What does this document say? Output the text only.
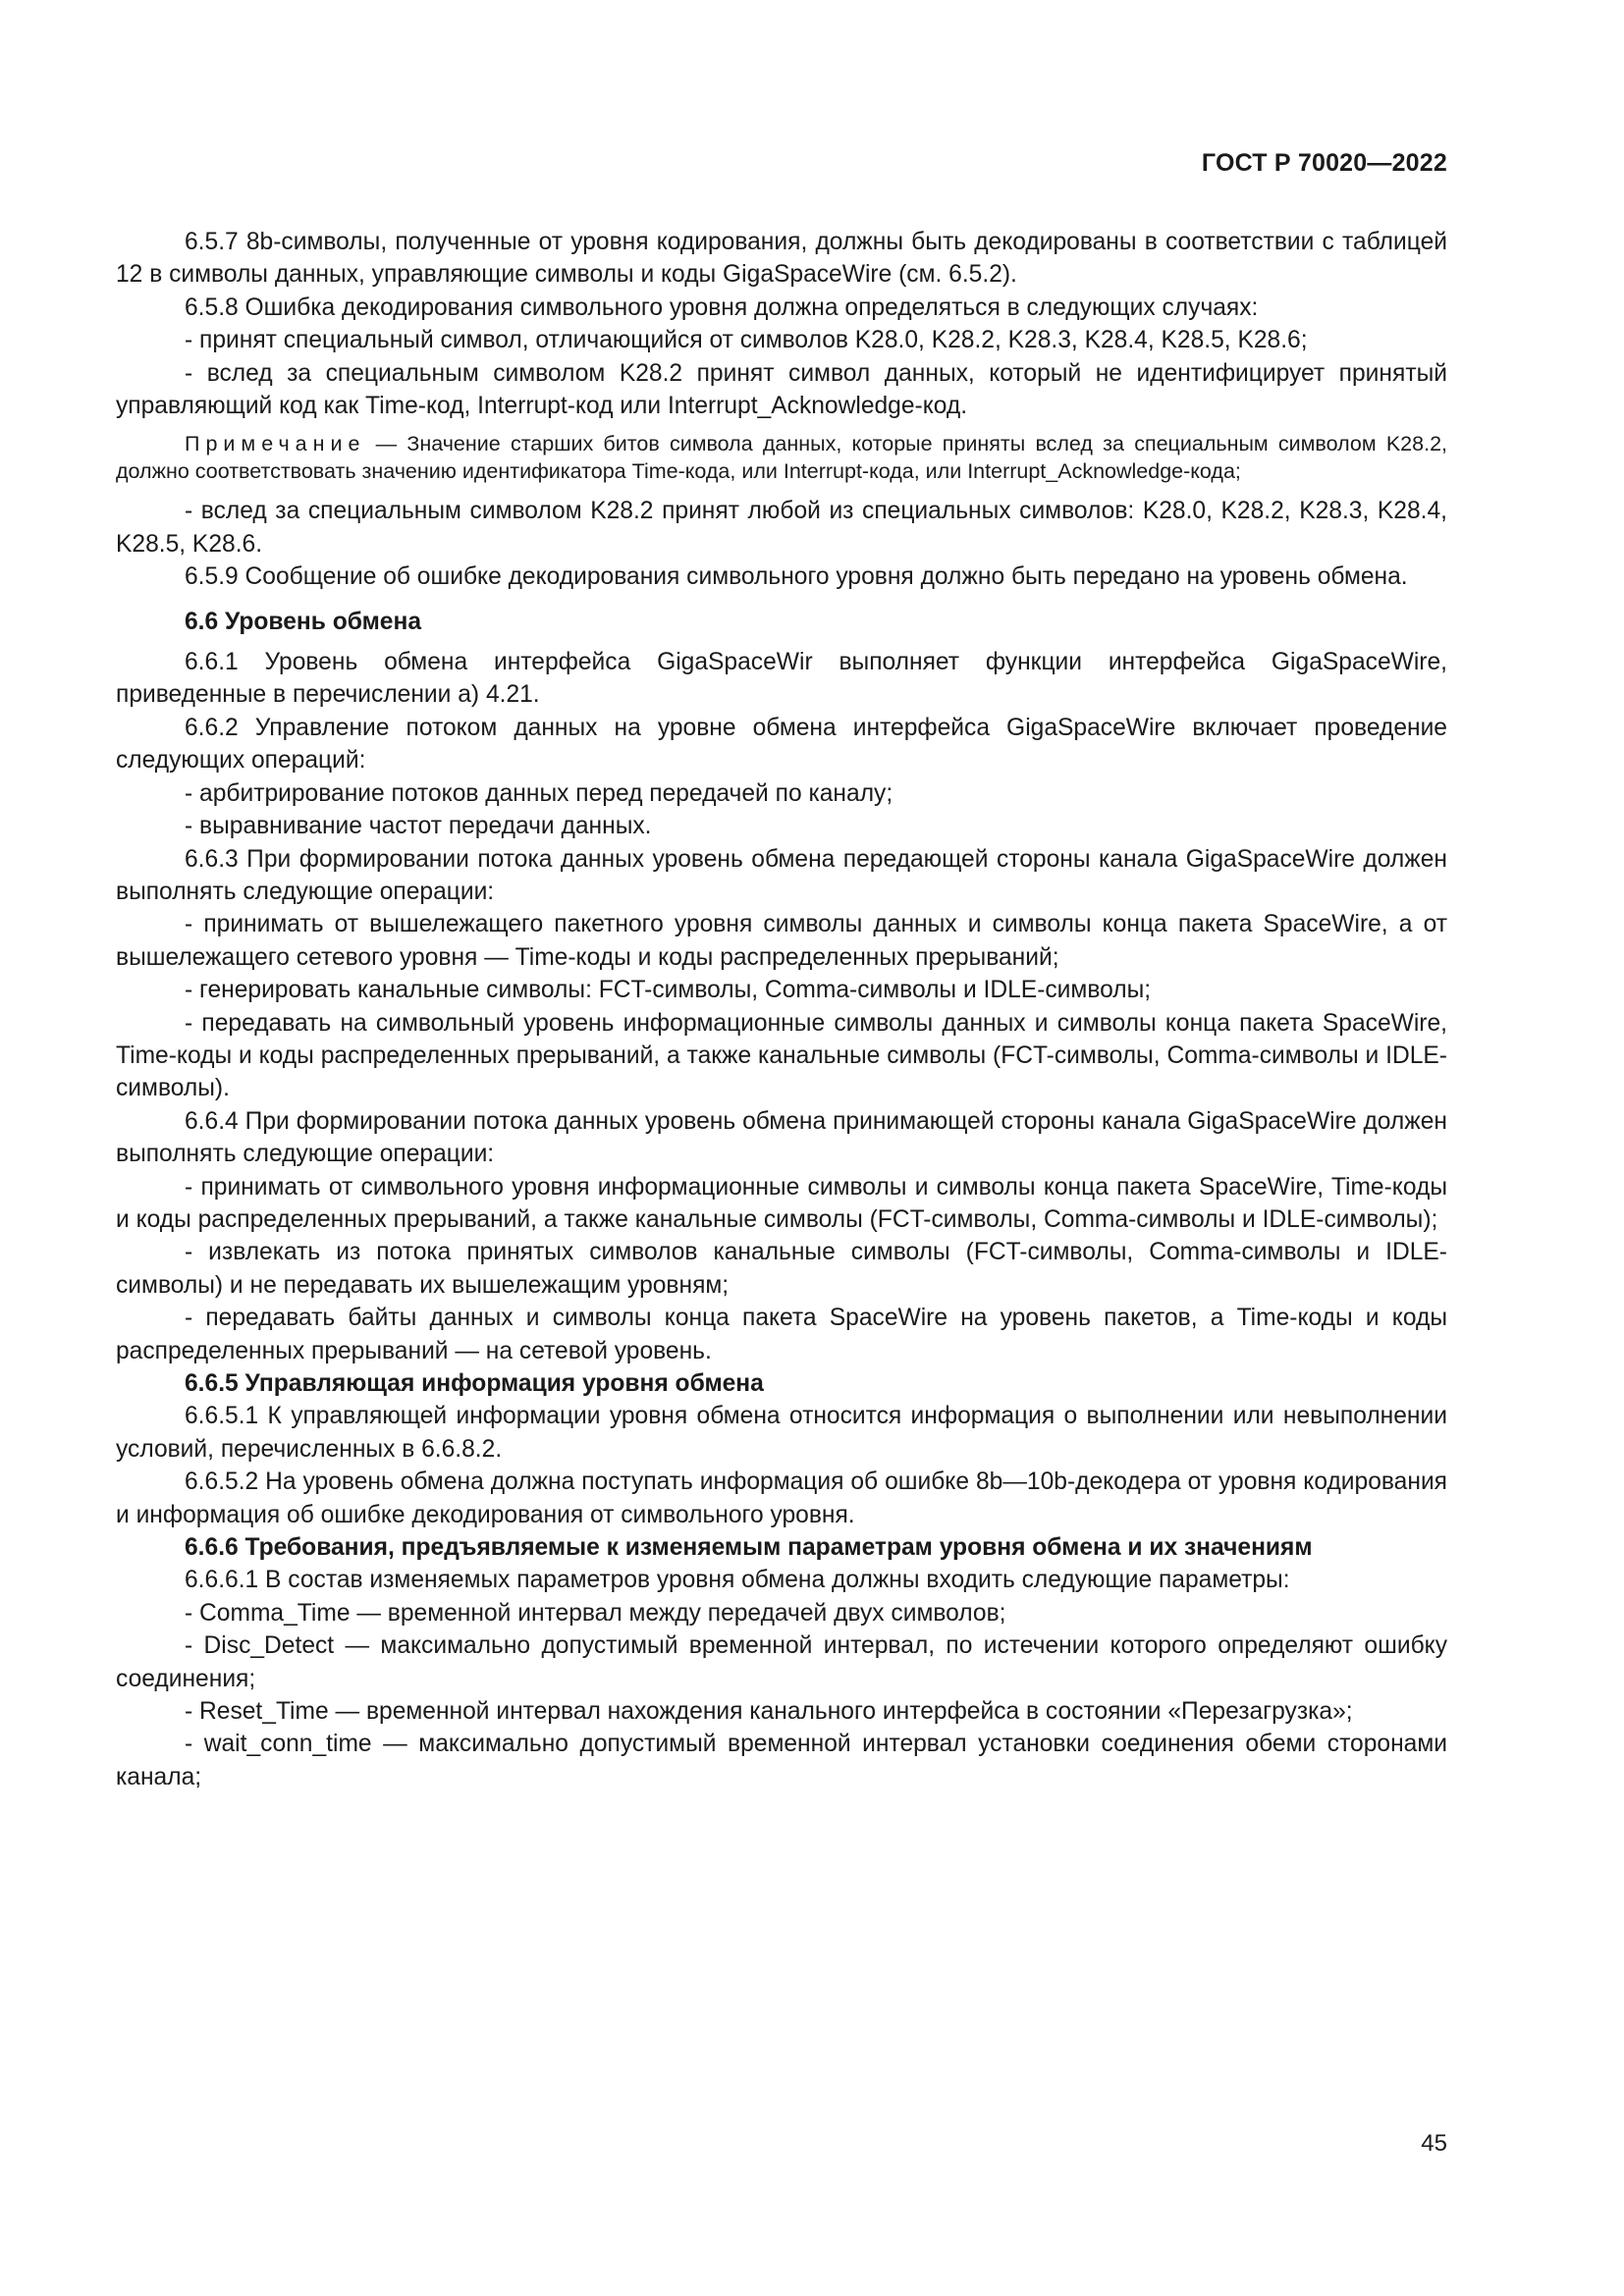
ГОСТ Р 70020—2022

6.5.7 8b-символы, полученные от уровня кодирования, должны быть декодированы в соответствии с таблицей 12 в символы данных, управляющие символы и коды GigaSpaceWire (см. 6.5.2).

6.5.8 Ошибка декодирования символьного уровня должна определяться в следующих случаях:

- принят специальный символ, отличающийся от символов K28.0, K28.2, K28.3, K28.4, K28.5, K28.6;

- вслед за специальным символом K28.2 принят символ данных, который не идентифицирует принятый управляющий код как Time-код, Interrupt-код или Interrupt_Acknowledge-код.

Примечание — Значение старших битов символа данных, которые приняты вслед за специальным символом K28.2, должно соответствовать значению идентификатора Time-кода, или Interrupt-кода, или Interrupt_Acknowledge-кода;

- вслед за специальным символом K28.2 принят любой из специальных символов: K28.0, K28.2, K28.3, K28.4, K28.5, K28.6.

6.5.9 Сообщение об ошибке декодирования символьного уровня должно быть передано на уровень обмена.

6.6 Уровень обмена

6.6.1 Уровень обмена интерфейса GigaSpaceWir выполняет функции интерфейса GigaSpaceWire, приведенные в перечислении а) 4.21.

6.6.2 Управление потоком данных на уровне обмена интерфейса GigaSpaceWire включает проведение следующих операций:

- арбитрирование потоков данных перед передачей по каналу;

- выравнивание частот передачи данных.

6.6.3 При формировании потока данных уровень обмена передающей стороны канала GigaSpaceWire должен выполнять следующие операции:

- принимать от вышележащего пакетного уровня символы данных и символы конца пакета SpaceWire, а от вышележащего сетевого уровня — Time-коды и коды распределенных прерываний;

- генерировать канальные символы: FCT-символы, Comma-символы и IDLE-символы;

- передавать на символьный уровень информационные символы данных и символы конца пакета SpaceWire, Time-коды и коды распределенных прерываний, а также канальные символы (FCT-символы, Comma-символы и IDLE-символы).

6.6.4 При формировании потока данных уровень обмена принимающей стороны канала GigaSpaceWire должен выполнять следующие операции:

- принимать от символьного уровня информационные символы и символы конца пакета SpaceWire, Time-коды и коды распределенных прерываний, а также канальные символы (FCT-символы, Comma-символы и IDLE-символы);

- извлекать из потока принятых символов канальные символы (FCT-символы, Comma-символы и IDLE-символы) и не передавать их вышележащим уровням;

- передавать байты данных и символы конца пакета SpaceWire на уровень пакетов, а Time-коды и коды распределенных прерываний — на сетевой уровень.

6.6.5 Управляющая информация уровня обмена

6.6.5.1 К управляющей информации уровня обмена относится информация о выполнении или невыполнении условий, перечисленных в 6.6.8.2.

6.6.5.2 На уровень обмена должна поступать информация об ошибке 8b—10b-декодера от уровня кодирования и информация об ошибке декодирования от символьного уровня.

6.6.6 Требования, предъявляемые к изменяемым параметрам уровня обмена и их значениям

6.6.6.1 В состав изменяемых параметров уровня обмена должны входить следующие параметры:

- Comma_Time — временной интервал между передачей двух символов;

- Disc_Detect — максимально допустимый временной интервал, по истечении которого определяют ошибку соединения;

- Reset_Time — временной интервал нахождения канального интерфейса в состоянии «Перезагрузка»;

- wait_conn_time — максимально допустимый временной интервал установки соединения обеми сторонами канала;

45
